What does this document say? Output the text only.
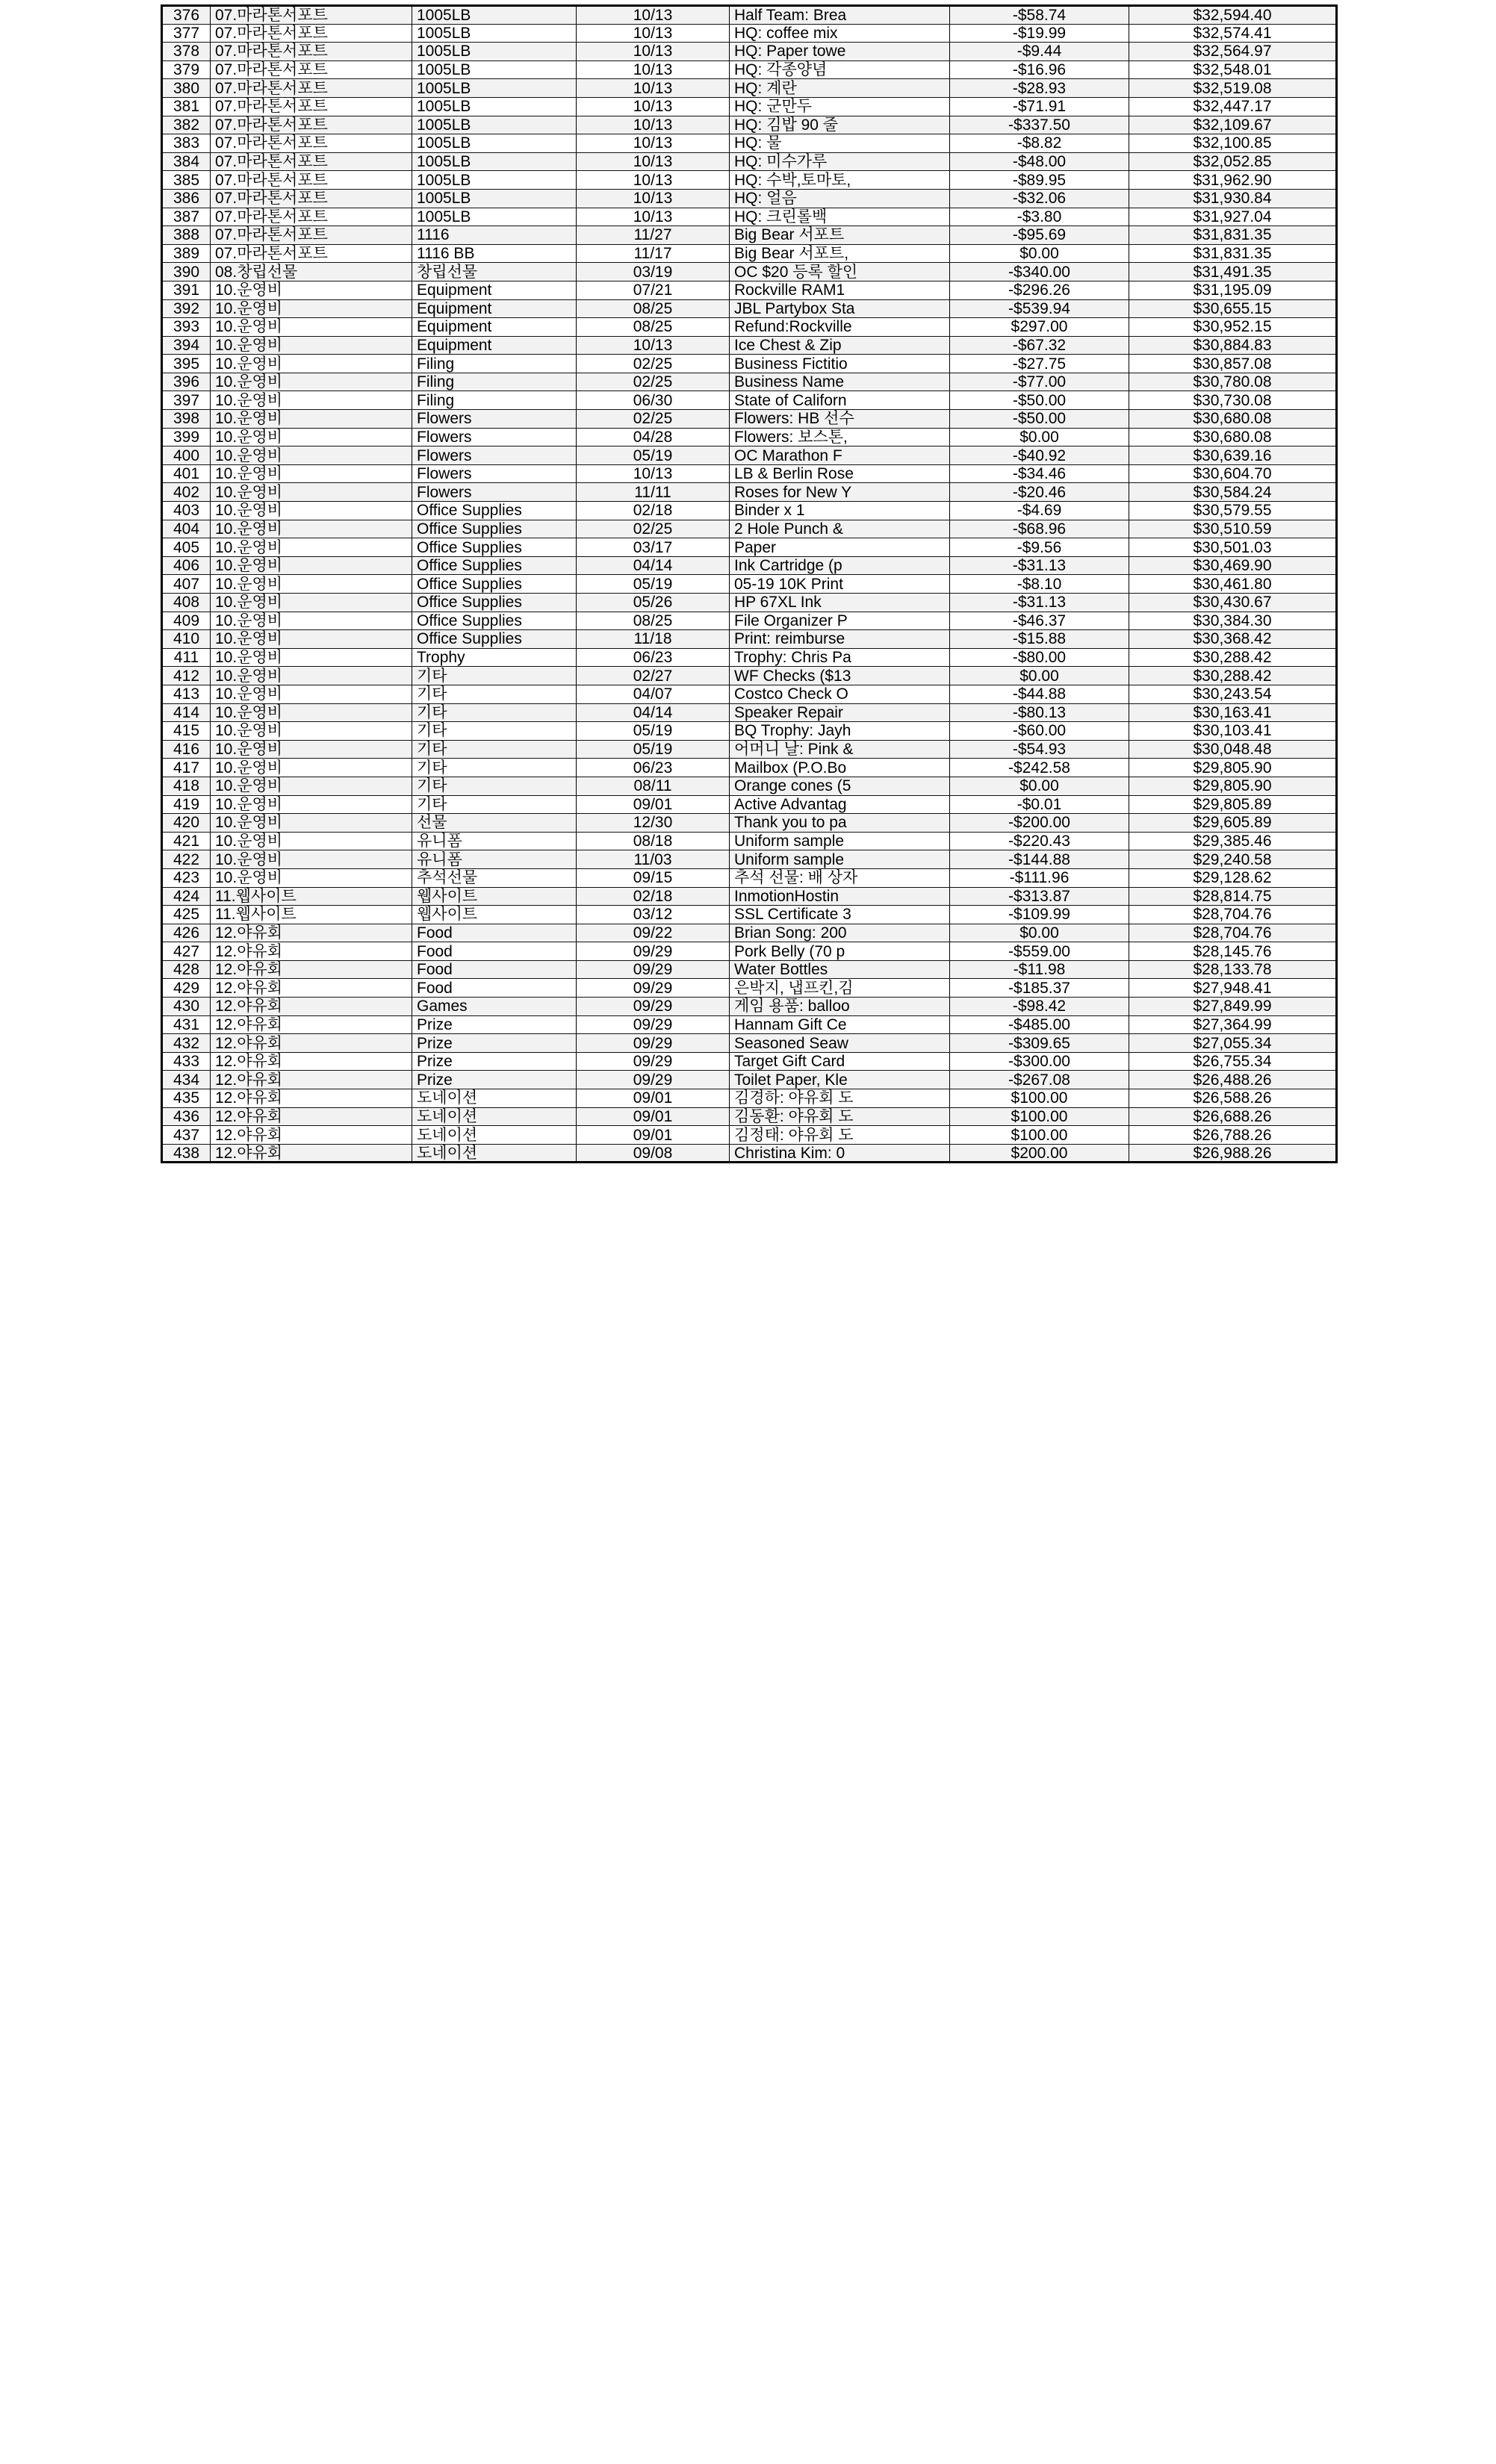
376	07.마라톤서포트	1005LB	10/13	Half Team: Brea	-$58.74	$32,594.40
377	07.마라톤서포트	1005LB	10/13	HQ: coffee mix	-$19.99	$32,574.41
378	07.마라톤서포트	1005LB	10/13	HQ: Paper towe	-$9.44	$32,564.97
379	07.마라톤서포트	1005LB	10/13	HQ: 각종양념	-$16.96	$32,548.01
380	07.마라톤서포트	1005LB	10/13	HQ: 계란	-$28.93	$32,519.08
381	07.마라톤서포트	1005LB	10/13	HQ: 군만두	-$71.91	$32,447.17
382	07.마라톤서포트	1005LB	10/13	HQ: 김밥 90 줄	-$337.50	$32,109.67
383	07.마라톤서포트	1005LB	10/13	HQ: 물	-$8.82	$32,100.85
384	07.마라톤서포트	1005LB	10/13	HQ: 미수가루	-$48.00	$32,052.85
385	07.마라톤서포트	1005LB	10/13	HQ: 수박,토마토,	-$89.95	$31,962.90
386	07.마라톤서포트	1005LB	10/13	HQ: 얼음	-$32.06	$31,930.84
387	07.마라톤서포트	1005LB	10/13	HQ: 크린롤백	-$3.80	$31,927.04
388	07.마라톤서포트	1116	11/27	Big Bear 서포트	-$95.69	$31,831.35
389	07.마라톤서포트	1116 BB	11/17	Big Bear 서포트,	$0.00	$31,831.35
390	08.창립선물	창립선물	03/19	OC $20 등록 할인	-$340.00	$31,491.35
391	10.운영비	Equipment	07/21	Rockville RAM1	-$296.26	$31,195.09
392	10.운영비	Equipment	08/25	JBL Partybox Sta	-$539.94	$30,655.15
393	10.운영비	Equipment	08/25	Refund:Rockville	$297.00	$30,952.15
394	10.운영비	Equipment	10/13	Ice Chest & Zip	-$67.32	$30,884.83
395	10.운영비	Filing	02/25	Business Fictitio	-$27.75	$30,857.08
396	10.운영비	Filing	02/25	Business Name	-$77.00	$30,780.08
397	10.운영비	Filing	06/30	State of Californ	-$50.00	$30,730.08
398	10.운영비	Flowers	02/25	Flowers: HB 선수	-$50.00	$30,680.08
399	10.운영비	Flowers	04/28	Flowers: 보스톤,	$0.00	$30,680.08
400	10.운영비	Flowers	05/19	OC Marathon F	-$40.92	$30,639.16
401	10.운영비	Flowers	10/13	LB & Berlin Rose	-$34.46	$30,604.70
402	10.운영비	Flowers	11/11	Roses for New Y	-$20.46	$30,584.24
403	10.운영비	Office Supplies	02/18	Binder x 1	-$4.69	$30,579.55
404	10.운영비	Office Supplies	02/25	2 Hole Punch &	-$68.96	$30,510.59
405	10.운영비	Office Supplies	03/17	Paper	-$9.56	$30,501.03
406	10.운영비	Office Supplies	04/14	Ink Cartridge (p	-$31.13	$30,469.90
407	10.운영비	Office Supplies	05/19	05-19 10K Print	-$8.10	$30,461.80
408	10.운영비	Office Supplies	05/26	HP 67XL Ink	-$31.13	$30,430.67
409	10.운영비	Office Supplies	08/25	File Organizer P	-$46.37	$30,384.30
410	10.운영비	Office Supplies	11/18	Print: reimburse	-$15.88	$30,368.42
411	10.운영비	Trophy	06/23	Trophy: Chris Pa	-$80.00	$30,288.42
412	10.운영비	기타	02/27	WF Checks ($13	$0.00	$30,288.42
413	10.운영비	기타	04/07	Costco Check O	-$44.88	$30,243.54
414	10.운영비	기타	04/14	Speaker Repair	-$80.13	$30,163.41
415	10.운영비	기타	05/19	BQ Trophy: Jayh	-$60.00	$30,103.41
416	10.운영비	기타	05/19	어머니 날: Pink &	-$54.93	$30,048.48
417	10.운영비	기타	06/23	Mailbox (P.O.Bo	-$242.58	$29,805.90
418	10.운영비	기타	08/11	Orange cones (5	$0.00	$29,805.90
419	10.운영비	기타	09/01	Active Advantag	-$0.01	$29,805.89
420	10.운영비	선물	12/30	Thank you to pa	-$200.00	$29,605.89
421	10.운영비	유니폼	08/18	Uniform sample	-$220.43	$29,385.46
422	10.운영비	유니폼	11/03	Uniform sample	-$144.88	$29,240.58
423	10.운영비	추석선물	09/15	추석 선물: 배 상자	-$111.96	$29,128.62
424	11.웹사이트	웹사이트	02/18	InmotionHostin	-$313.87	$28,814.75
425	11.웹사이트	웹사이트	03/12	SSL Certificate 3	-$109.99	$28,704.76
426	12.야유회	Food	09/22	Brian Song: 200	$0.00	$28,704.76
427	12.야유회	Food	09/29	Pork Belly (70 p	-$559.00	$28,145.76
428	12.야유회	Food	09/29	Water Bottles	-$11.98	$28,133.78
429	12.야유회	Food	09/29	은박지, 냅프킨,김	-$185.37	$27,948.41
430	12.야유회	Games	09/29	게임 용품: balloo	-$98.42	$27,849.99
431	12.야유회	Prize	09/29	Hannam Gift Ce	-$485.00	$27,364.99
432	12.야유회	Prize	09/29	Seasoned Seaw	-$309.65	$27,055.34
433	12.야유회	Prize	09/29	Target Gift Card	-$300.00	$26,755.34
434	12.야유회	Prize	09/29	Toilet Paper, Kle	-$267.08	$26,488.26
435	12.야유회	도네이션	09/01	김경하: 야유회 도	$100.00	$26,588.26
436	12.야유회	도네이션	09/01	김동환: 야유회 도	$100.00	$26,688.26
437	12.야유회	도네이션	09/01	김정태: 야유회 도	$100.00	$26,788.26
438	12.야유회	도네이션	09/08	Christina Kim: 0	$200.00	$26,988.26
